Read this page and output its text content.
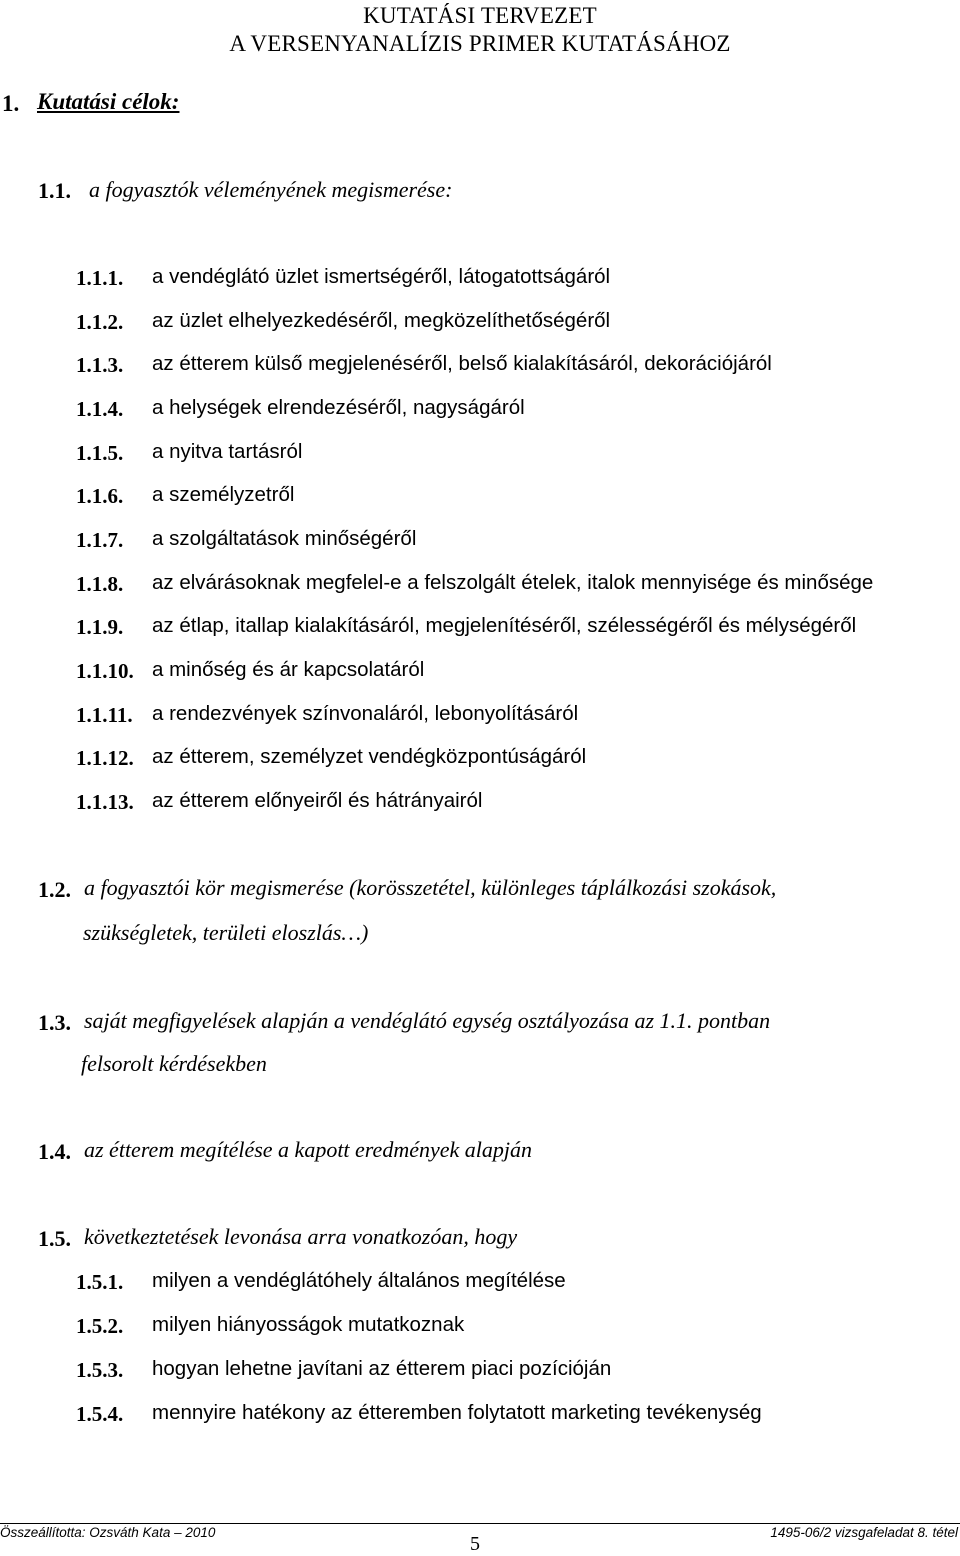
KUTATÁSI TERVEZET
A VERSENYANALÍZIS PRIMER KUTATÁSÁHOZ
1. Kutatási célok:
1.1. a fogyasztók véleményének megismerése:
1.1.1. a vendéglátó üzlet ismertségéről, látogatottságáról
1.1.2. az üzlet elhelyezkedéséről, megközelíthetőségéről
1.1.3. az étterem külső megjelenéséről, belső kialakításáról, dekorációjáról
1.1.4. a helységek elrendezéséről, nagyságáról
1.1.5. a nyitva tartásról
1.1.6. a személyzetről
1.1.7. a szolgáltatások minőségéről
1.1.8. az elvárásoknak megfelel-e a felszolgált ételek, italok mennyisége és minősége
1.1.9. az étlap, itallap kialakításáról, megjelenítéséről, szélességéről és mélységéről
1.1.10. a minőség és ár kapcsolatáról
1.1.11. a rendezvények színvonaláról, lebonyolításáról
1.1.12. az étterem, személyzet vendégközpontúságáról
1.1.13. az étterem előnyeiről és hátrányairól
1.2. a fogyasztói kör megismerése (korösszetétel, különleges táplálkozási szokások,
szükségletek, területi eloszlás…)
1.3. saját megfigyelések alapján a vendéglátó egység osztályozása az 1.1. pontban
felsorolt kérdésekben
1.4. az étterem megítélése a kapott eredmények alapján
1.5. következtetések levonása arra vonatkozóan, hogy
1.5.1. milyen a vendéglátóhely általános megítélése
1.5.2. milyen hiányosságok mutatkoznak
1.5.3. hogyan lehetne javítani az étterem piaci pozícióján
1.5.4. mennyire hatékony az étteremben folytatott marketing tevékenység
Összeállította: Ozsváth Kata – 2010
5
1495-06/2 vizsgafeladat 8. tétel
